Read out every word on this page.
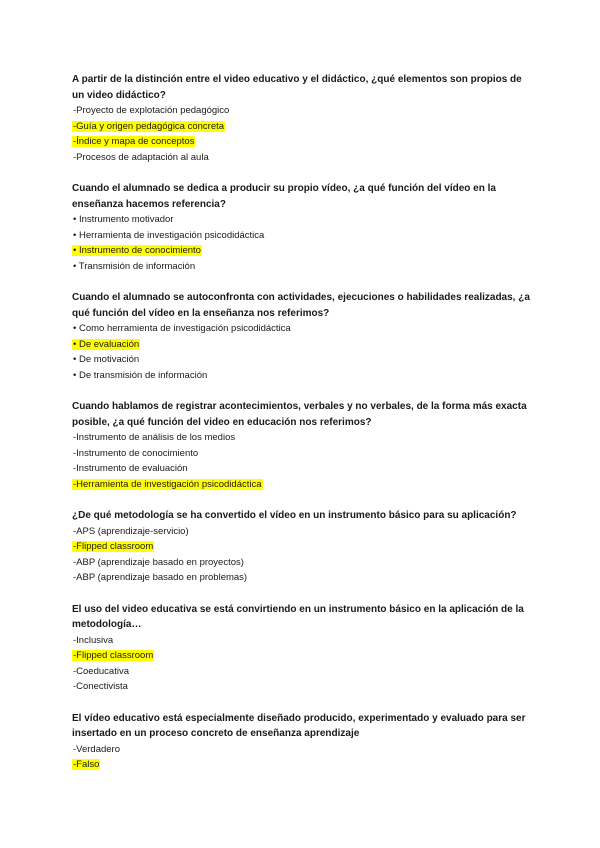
A partir de la distinción entre el video educativo y el didáctico, ¿qué elementos son propios de un video didáctico?

-Proyecto de explotación pedagógico
-Guía y origen pedagógica concreta
-Índice y mapa de conceptos
-Procesos de adaptación al aula

Cuando el alumnado se dedica a producir su propio vídeo, ¿a qué función del vídeo en la enseñanza hacemos referencia?

• Instrumento motivador
• Herramienta de investigación psicodidáctica
• Instrumento de conocimiento
• Transmisión de información

Cuando el alumnado se autoconfronta con actividades, ejecuciones o habilidades realizadas, ¿a qué función del vídeo en la enseñanza nos referimos?

• Como herramienta de investigación psicodidáctica
• De evaluación
• De motivación
• De transmisión de información

Cuando hablamos de registrar acontecimientos, verbales y no verbales, de la forma más exacta posible, ¿a qué función del video en educación nos referimos?

-Instrumento de análisis de los medios
-Instrumento de conocimiento
-Instrumento de evaluación
-Herramienta de investigación psicodidáctica

¿De qué metodología se ha convertido el vídeo en un instrumento básico para su aplicación?

-APS (aprendizaje-servicio)
-Flipped classroom
-ABP (aprendizaje basado en proyectos)
-ABP (aprendizaje basado en problemas)

El uso del video educativa se está convirtiendo en un instrumento básico en la aplicación de la metodología…

-Inclusiva
-Flipped classroom
-Coeducativa
-Conectivista

El vídeo educativo está especialmente diseñado producido, experimentado y evaluado para ser insertado en un proceso concreto de enseñanza aprendizaje

-Verdadero
-Falso
